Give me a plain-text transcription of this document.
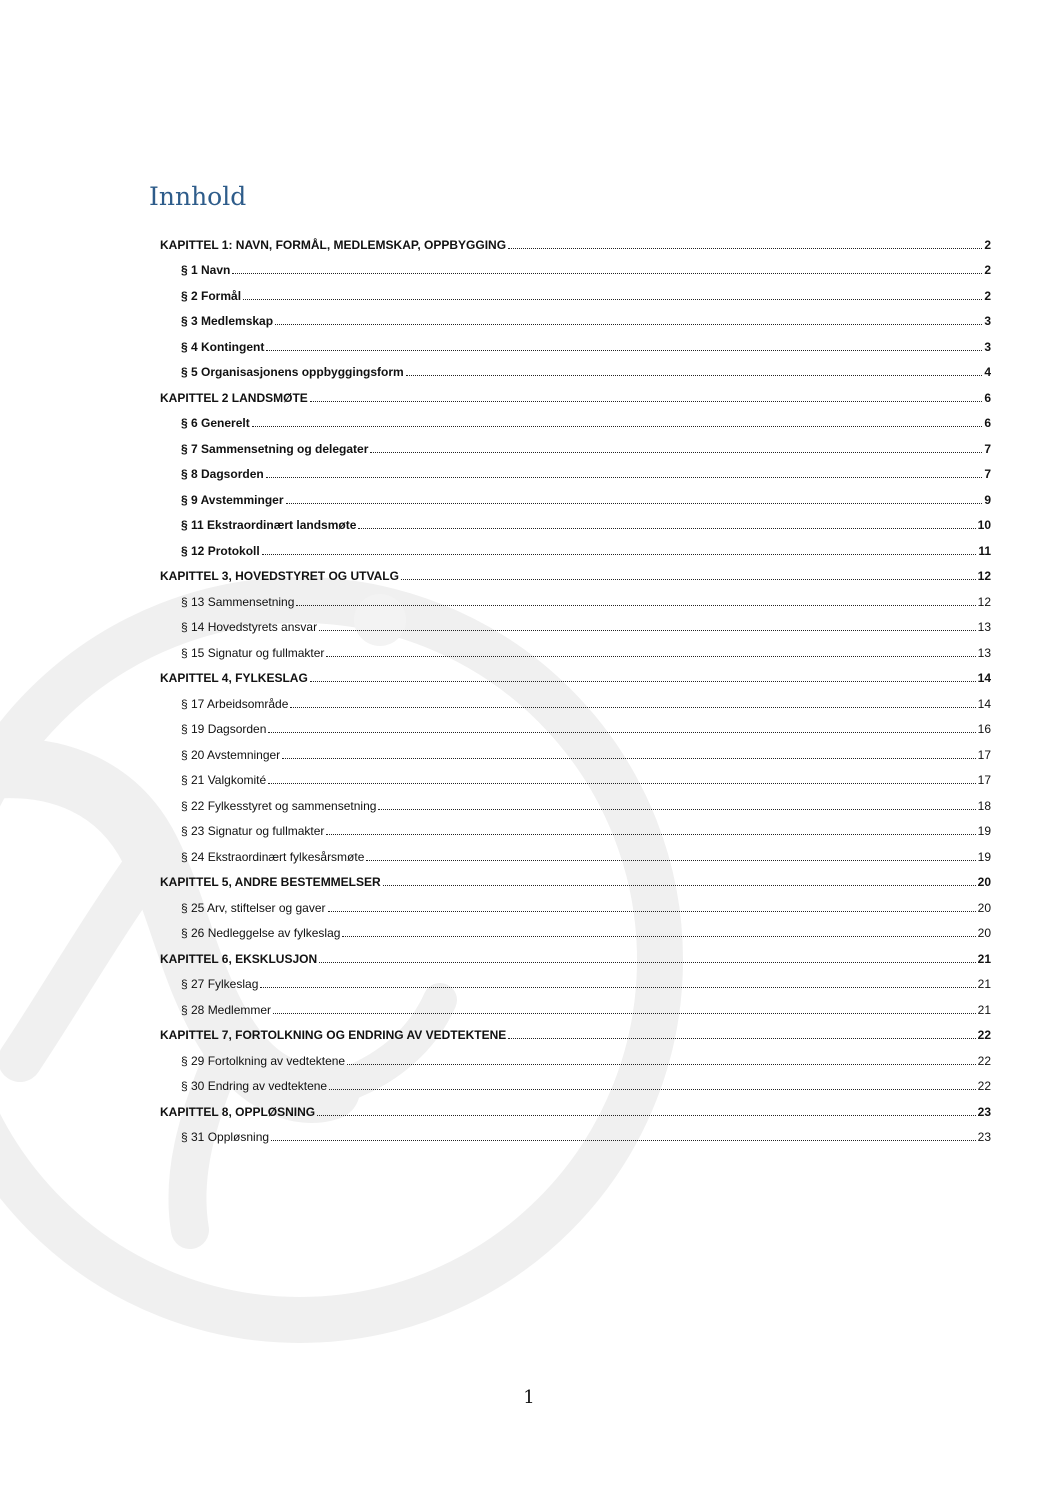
Innhold
KAPITTEL 1: NAVN, FORMÅL, MEDLEMSKAP, OPPBYGGING	2
§ 1 Navn	2
§ 2 Formål	2
§ 3 Medlemskap	3
§ 4 Kontingent	3
§ 5 Organisasjonens oppbyggingsform	4
KAPITTEL 2 LANDSMØTE	6
§ 6 Generelt	6
§ 7 Sammensetning og delegater	7
§ 8 Dagsorden	7
§ 9 Avstemminger	9
§ 11 Ekstraordinært landsmøte	10
§ 12 Protokoll	11
KAPITTEL 3, HOVEDSTYRET OG UTVALG	12
§ 13 Sammensetning	12
§ 14 Hovedstyrets ansvar	13
§ 15 Signatur og fullmakter	13
KAPITTEL 4, FYLKESLAG	14
§ 17 Arbeidsområde	14
§ 19 Dagsorden	16
§ 20 Avstemninger	17
§ 21 Valgkomité	17
§ 22 Fylkesstyret og sammensetning	18
§ 23 Signatur og fullmakter	19
§ 24 Ekstraordinært fylkesårsmøte	19
KAPITTEL 5, ANDRE BESTEMMELSER	20
§ 25 Arv, stiftelser og gaver	20
§ 26 Nedleggelse av fylkeslag	20
KAPITTEL 6, EKSKLUSJON	21
§ 27 Fylkeslag	21
§ 28 Medlemmer	21
KAPITTEL 7, FORTOLKNING OG ENDRING AV VEDTEKTENE	22
§ 29 Fortolkning av vedtektene	22
§ 30 Endring av vedtektene	22
KAPITTEL 8, OPPLØSNING	23
§ 31 Oppløsning	23
1
